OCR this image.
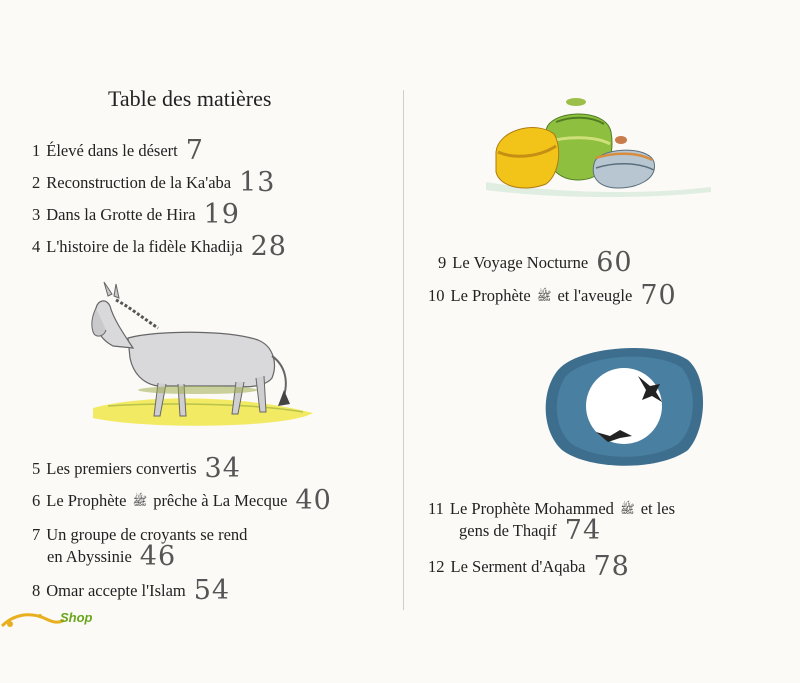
Table des matières
1 Élevé dans le désert 7
2 Reconstruction de la Ka'aba 13
3 Dans la Grotte de Hira 19
4 L'histoire de la fidèle Khadija 28
5 Les premiers convertis 34
6 Le Prophète ﷺ prêche à La Mecque 40
7 Un groupe de croyants se rend
en Abyssinie 46
8 Omar accepte l'Islam 54
9 Le Voyage Nocturne 60
10 Le Prophète ﷺ et l'aveugle 70
11 Le Prophète Mohammed ﷺ et les
gens de Thaqif 74
12 Le Serment d'Aqaba 78
Shop
